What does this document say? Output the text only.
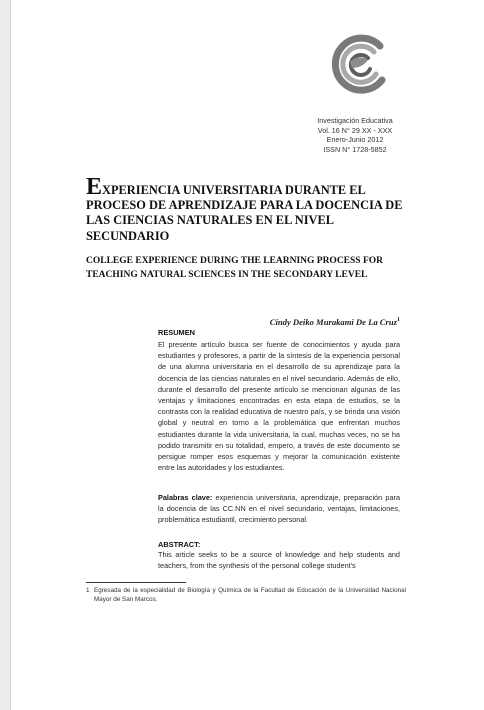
Investigación Educativa
Vol. 16 N° 29 XX - XXX
Enero-Junio 2012
ISSN N° 1728-5852
EXPERIENCIA UNIVERSITARIA DURANTE EL PROCESO DE APRENDIZAJE PARA LA DOCENCIA DE LAS CIENCIAS NATURALES EN EL NIVEL SECUNDARIO
COLLEGE EXPERIENCE DURING THE LEARNING PROCESS FOR TEACHING NATURAL SCIENCES IN THE SECONDARY LEVEL
Cindy Deiko Murakami De La Cruz$^1$
RESUMEN

El presente artículo busca ser fuente de conocimientos y ayuda para estudiantes y profesores, a partir de la síntesis de la experiencia personal de una alumna universitaria en el desarrollo de su aprendizaje para la docencia de las ciencias naturales en el nivel secundario. Además de ello, durante el desarrollo del presente artículo se mencionan algunas de las ventajas y limitaciones encontradas en esta etapa de estudios, se la contrasta con la realidad educativa de nuestro país, y se brinda una visión global y neutral en torno a la problemática que enfrentan muchos estudiantes durante la vida universitaria, la cual, muchas veces, no se ha podido transmitir en su totalidad, empero, a través de este documento se persigue romper esos esquemas y mejorar la comunicación existente entre las autoridades y los estudiantes.

Palabras clave: experiencia universitaria, aprendizaje, preparación para la docencia de las CC.NN en el nivel secundario, ventajas, limitaciones, problemática estudiantil, crecimiento personal.

ABSTRACT:

This article seeks to be a source of knowledge and help students and teachers, from the synthesis of the personal college student's

1 Egresada de la especialidad de Biología y Química de la Facultad de Educación de la Universidad Nacional Mayor de San Marcos.
